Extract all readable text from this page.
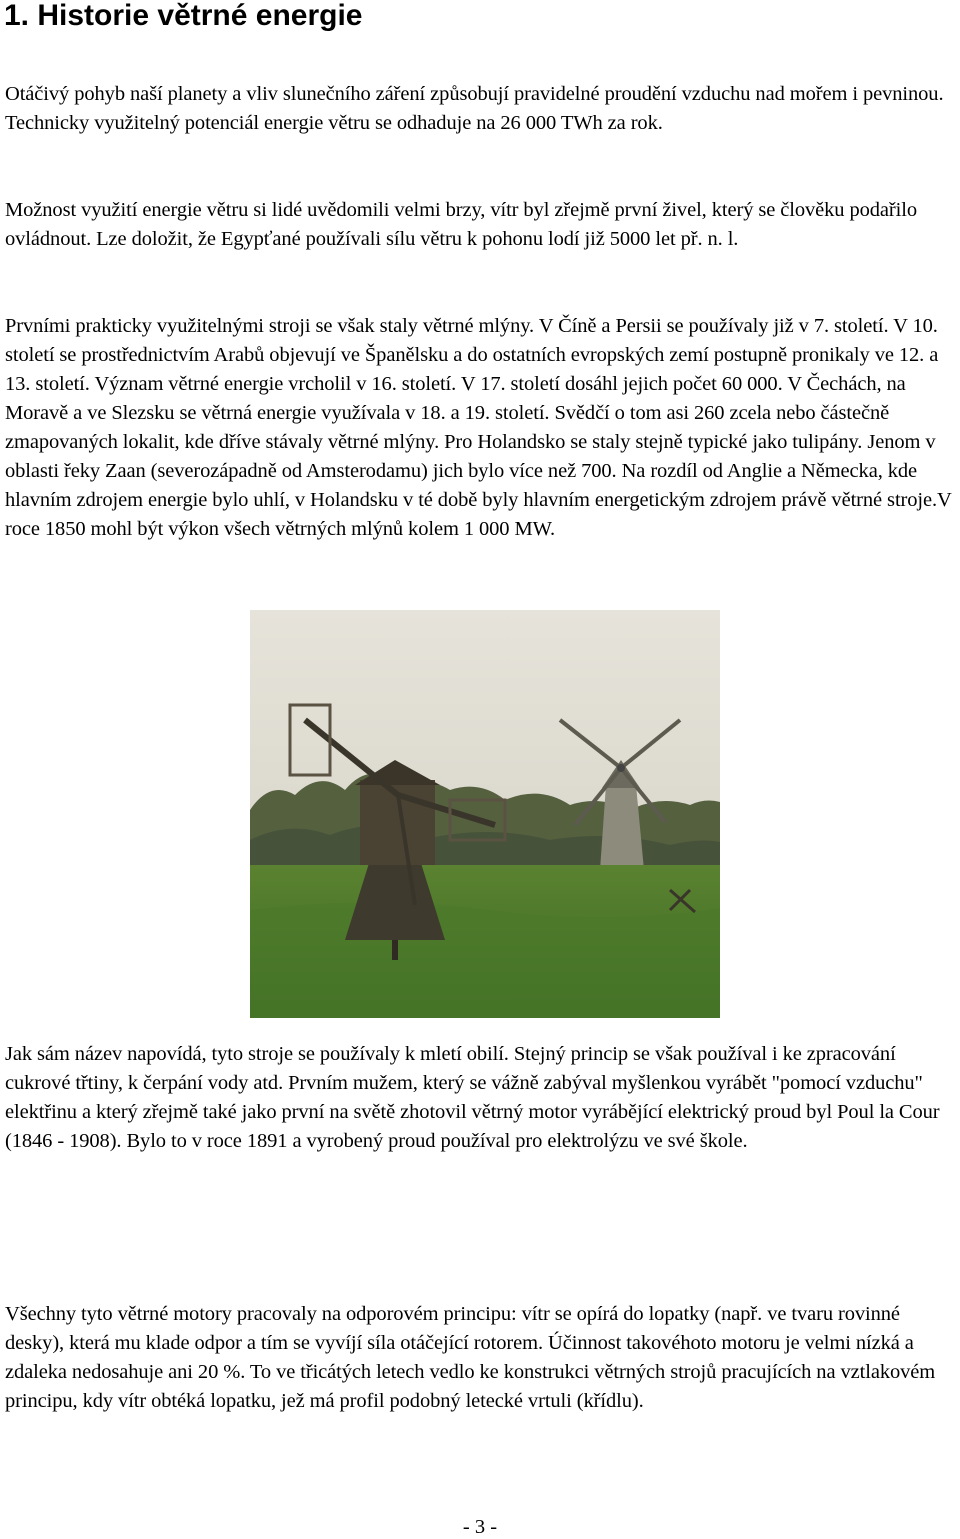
1. Historie větrné energie

Otáčivý pohyb naší planety a vliv slunečního záření způsobují pravidelné proudění vzduchu nad mořem i pevninou. Technicky využitelný potenciál energie větru se odhaduje na 26 000 TWh za rok.

Možnost využití energie větru si lidé uvědomili velmi brzy, vítr byl zřejmě první živel, který se člověku podařilo ovládnout. Lze doložit, že Egypťané používali sílu větru k pohonu lodí již 5000 let př. n. l.

Prvními prakticky využitelnými stroji se však staly větrné mlýny. V Číně a Persii se používaly již v 7. století. V 10. století se prostřednictvím Arabů objevují ve Španělsku a do ostatních evropských zemí postupně pronikaly ve 12. a 13. století. Význam větrné energie vrcholil v 16. století. V 17. století dosáhl jejich počet 60 000. V Čechách, na Moravě a ve Slezsku se větrná energie využívala v 18. a 19. století. Svědčí o tom asi 260 zcela nebo částečně zmapovaných lokalit, kde dříve stávaly větrné mlýny. Pro Holandsko se staly stejně typické jako tulipány. Jenom v oblasti řeky Zaan (severozápadně od Amsterodamu) jich bylo více než 700. Na rozdíl od Anglie a Německa, kde hlavním zdrojem energie bylo uhlí, v Holandsku v té době byly hlavním energetickým zdrojem právě větrné stroje.V roce 1850 mohl být výkon všech větrných mlýnů kolem 1 000 MW.

Jak sám název napovídá, tyto stroje se používaly k mletí obilí. Stejný princip se však používal i ke zpracování cukrové třtiny, k čerpání vody atd. Prvním mužem, který se vážně zabýval myšlenkou vyrábět "pomocí vzduchu" elektřinu a který zřejmě také jako první na světě zhotovil větrný motor vyrábějící elektrický proud byl Poul la Cour (1846 - 1908). Bylo to v roce 1891 a vyrobený proud používal pro elektrolýzu ve své škole.

Všechny tyto větrné motory pracovaly na odporovém principu: vítr se opírá do lopatky (např. ve tvaru rovinné desky), která mu klade odpor a tím se vyvíjí síla otáčející rotorem. Účinnost takovéhoto motoru je velmi nízká a zdaleka nedosahuje ani 20 %. To ve třicátých letech vedlo ke konstrukci větrných strojů pracujících na vztlakovém principu, kdy vítr obtéká lopatku, jež má profil podobný letecké vrtuli (křídlu).

- 3 -
